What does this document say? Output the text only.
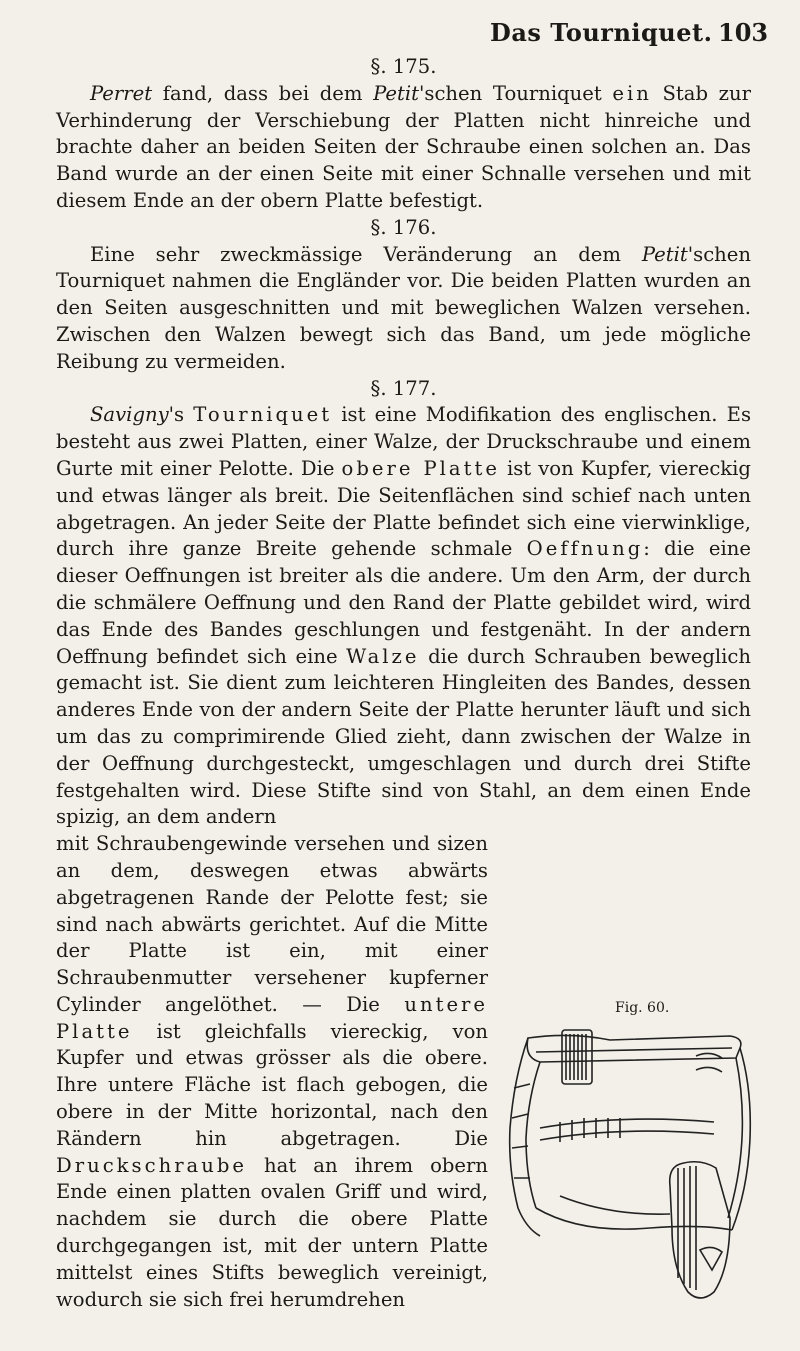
Das Tourniquet. 103

§. 175.

Perret fand, dass bei dem Petit'schen Tourniquet ein Stab zur Verhinderung der Verschiebung der Platten nicht hinreiche und brachte daher an beiden Seiten der Schraube einen solchen an. Das Band wurde an der einen Seite mit einer Schnalle versehen und mit diesem Ende an der obern Platte befestigt.

§. 176.

Eine sehr zweckmässige Veränderung an dem Petit'schen Tourniquet nahmen die Engländer vor. Die beiden Platten wurden an den Seiten ausgeschnitten und mit beweglichen Walzen versehen. Zwischen den Walzen bewegt sich das Band, um jede mögliche Reibung zu vermeiden.

§. 177.

Savigny's Tourniquet ist eine Modifikation des englischen. Es besteht aus zwei Platten, einer Walze, der Druckschraube und einem Gurte mit einer Pelotte. Die obere Platte ist von Kupfer, viereckig und etwas länger als breit. Die Seitenflächen sind schief nach unten abgetragen. An jeder Seite der Platte befindet sich eine vierwinklige, durch ihre ganze Breite gehende schmale Oeffnung: die eine dieser Oeffnungen ist breiter als die andere. Um den Arm, der durch die schmälere Oeffnung und den Rand der Platte gebildet wird, wird das Ende des Bandes geschlungen und festgenäht. In der andern Oeffnung befindet sich eine Walze die durch Schrauben beweglich gemacht ist. Sie dient zum leichteren Hingleiten des Bandes, dessen anderes Ende von der andern Seite der Platte herunter läuft und sich um das zu comprimirende Glied zieht, dann zwischen der Walze in der Oeffnung durchgesteckt, umgeschlagen und durch drei Stifte festgehalten wird. Diese Stifte sind von Stahl, an dem einen Ende spizig, an dem andern

mit Schraubengewinde versehen und sizen an dem, deswegen etwas abwärts abgetragenen Rande der Pelotte fest; sie sind nach abwärts gerichtet. Auf die Mitte der Platte ist ein, mit einer Schraubenmutter versehener kupferner Cylinder angelöthet. — Die untere Platte ist gleichfalls viereckig, von Kupfer und etwas grösser als die obere. Ihre untere Fläche ist flach gebogen, die obere in der Mitte horizontal, nach den Rändern hin abgetragen. Die Druckschraube hat an ihrem obern Ende einen platten ovalen Griff und wird, nachdem sie durch die obere Platte durchgegangen ist, mit der untern Platte mittelst eines Stifts beweglich vereinigt, wodurch sie sich frei herumdrehen

Fig. 60.
